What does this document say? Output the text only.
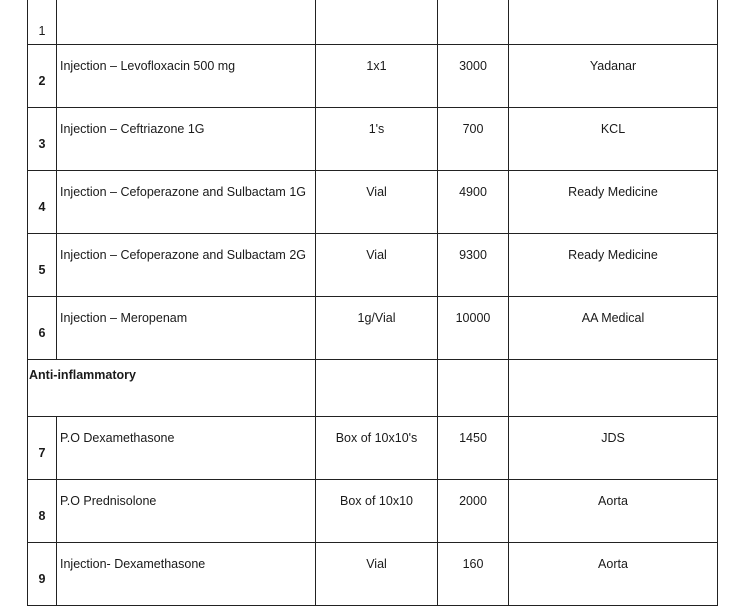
1				
2	Injection – Levofloxacin 500 mg	1x1	3000	Yadanar
3	Injection – Ceftriazone 1G	1's	700	KCL
4	Injection – Cefoperazone and Sulbactam 1G	Vial	4900	Ready Medicine
5	Injection – Cefoperazone and Sulbactam 2G	Vial	9300	Ready Medicine
6	Injection – Meropenam	1g/Vial	10000	AA Medical
Anti-inflammatory				
7	P.O Dexamethasone	Box of 10x10's	1450	JDS
8	P.O Prednisolone	Box of 10x10	2000	Aorta
9	Injection- Dexamethasone	Vial	160	Aorta
